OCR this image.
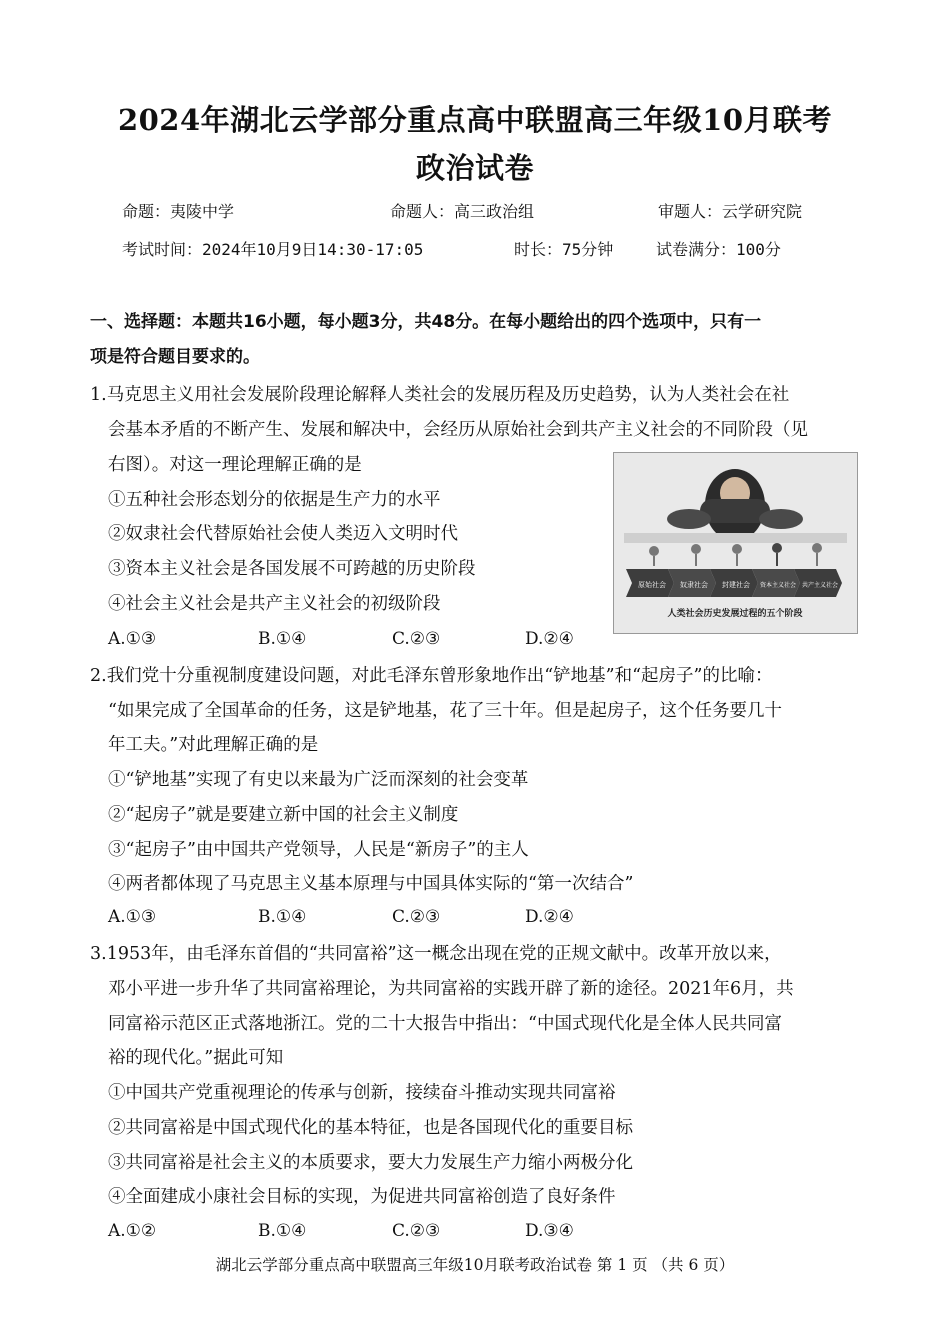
2024年湖北云学部分重点高中联盟高三年级10月联考
政治试卷
命题：夷陵中学	命题人：高三政治组	审题人：云学研究院
考试时间：2024年10月9日14:30-17:05	时长：75分钟	试卷满分：100分
一、选择题：本题共16小题，每小题3分，共48分。在每小题给出的四个选项中，只有一
项是符合题目要求的。
1.马克思主义用社会发展阶段理论解释人类社会的发展历程及历史趋势，认为人类社会在社
会基本矛盾的不断产生、发展和解决中，会经历从原始社会到共产主义社会的不同阶段（见
右图）。对这一理论理解正确的是
①五种社会形态划分的依据是生产力的水平
②奴隶社会代替原始社会使人类迈入文明时代
③资本主义社会是各国发展不可跨越的历史阶段
④社会主义社会是共产主义社会的初级阶段
A.①③	B.①④	C.②③	D.②④
原始社会 奴隶社会 封建社会 资本主义社会 共产主义社会
人类社会历史发展过程的五个阶段
2.我们党十分重视制度建设问题，对此毛泽东曾形象地作出“铲地基”和“起房子”的比喻：
“如果完成了全国革命的任务，这是铲地基，花了三十年。但是起房子，这个任务要几十
年工夫。”对此理解正确的是
①“铲地基”实现了有史以来最为广泛而深刻的社会变革
②“起房子”就是要建立新中国的社会主义制度
③“起房子”由中国共产党领导，人民是“新房子”的主人
④两者都体现了马克思主义基本原理与中国具体实际的“第一次结合”
A.①③	B.①④	C.②③	D.②④
3.1953年，由毛泽东首倡的“共同富裕”这一概念出现在党的正规文献中。改革开放以来，
邓小平进一步升华了共同富裕理论，为共同富裕的实践开辟了新的途径。2021年6月，共
同富裕示范区正式落地浙江。党的二十大报告中指出：“中国式现代化是全体人民共同富
裕的现代化。”据此可知
①中国共产党重视理论的传承与创新，接续奋斗推动实现共同富裕
②共同富裕是中国式现代化的基本特征，也是各国现代化的重要目标
③共同富裕是社会主义的本质要求，要大力发展生产力缩小两极分化
④全面建成小康社会目标的实现，为促进共同富裕创造了良好条件
A.①②	B.①④	C.②③	D.③④
湖北云学部分重点高中联盟高三年级10月联考政治试卷 第 1 页 （共 6 页）
